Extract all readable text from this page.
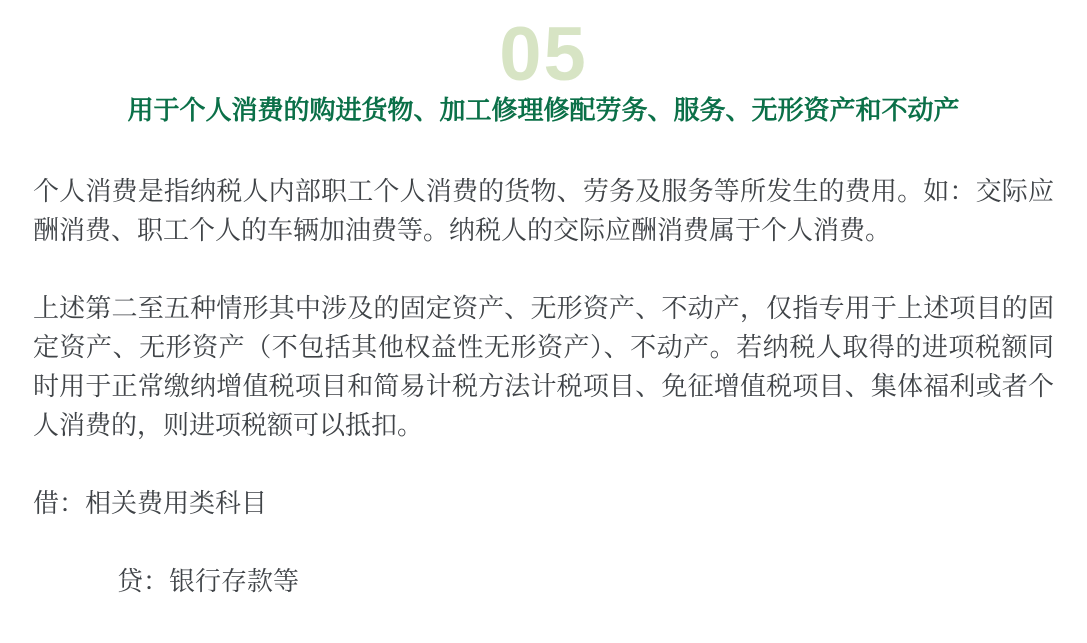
05
用于个人消费的购进货物、加工修理修配劳务、服务、无形资产和不动产

个人消费是指纳税人内部职工个人消费的货物、劳务及服务等所发生的费用。如：交际应酬消费、职工个人的车辆加油费等。纳税人的交际应酬消费属于个人消费。

上述第二至五种情形其中涉及的固定资产、无形资产、不动产，仅指专用于上述项目的固定资产、无形资产（不包括其他权益性无形资产）、不动产。若纳税人取得的进项税额同时用于正常缴纳增值税项目和简易计税方法计税项目、免征增值税项目、集体福利或者个人消费的，则进项税额可以抵扣。

借：相关费用类科目

贷：银行存款等
